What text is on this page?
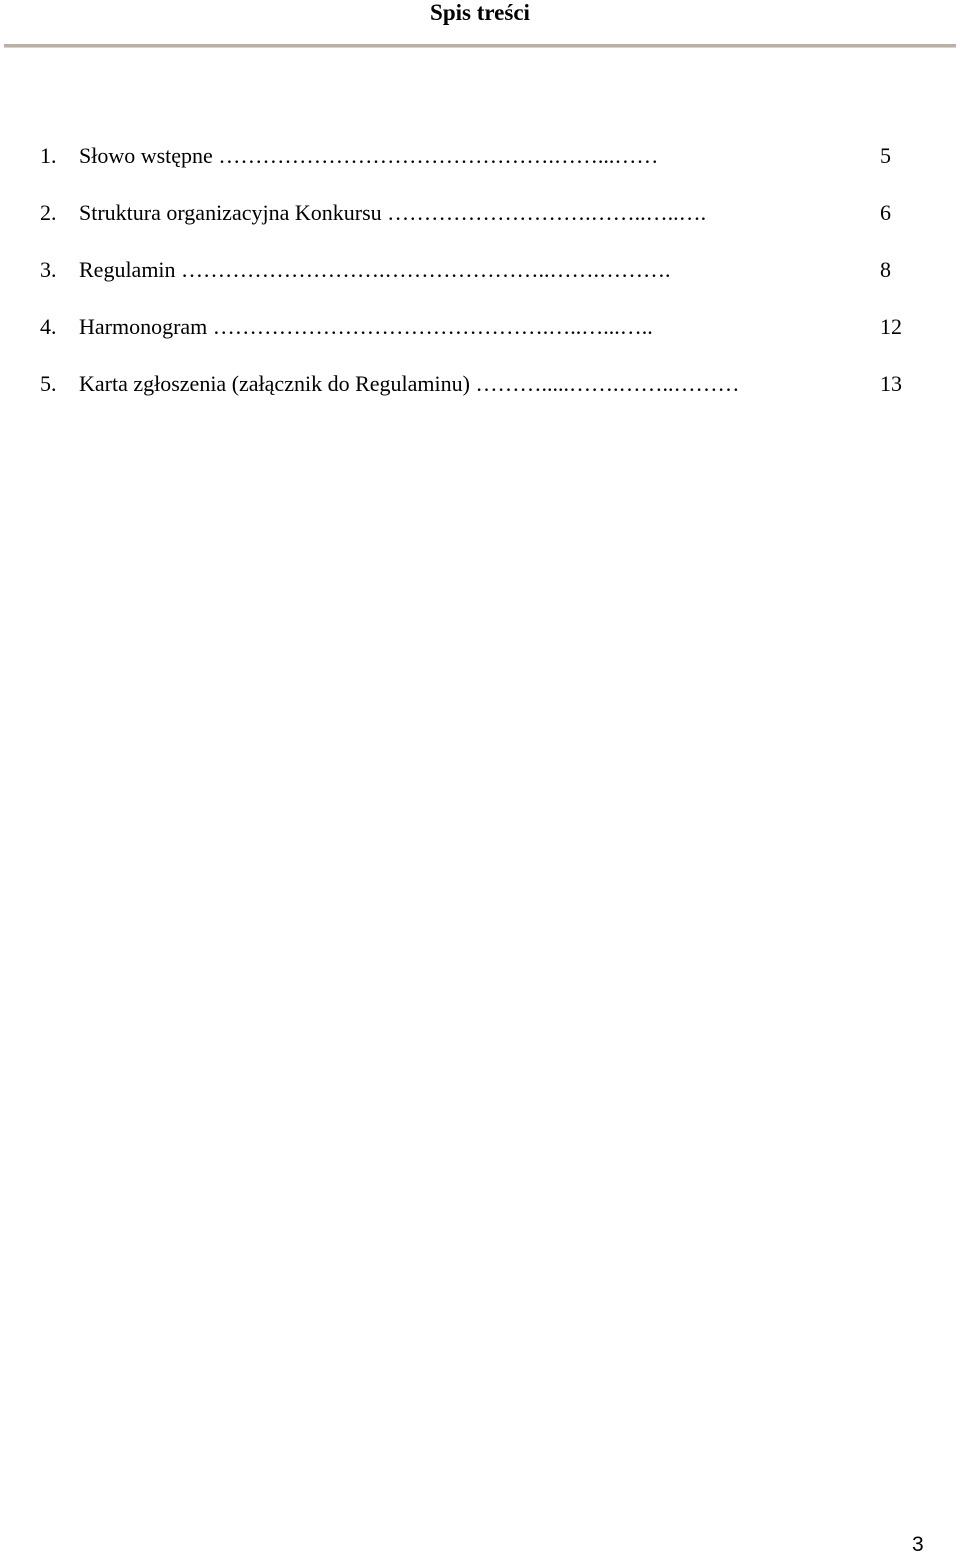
Spis treści
1.	Słowo wstępne ……………………………………….……...……	5
2.	Struktura organizacyjna Konkursu ……………………….……..…..….	6
3.	Regulamin ……………………….…………………..…….……….	8
4.	Harmonogram ……………………………………….…..…...…..	12
5.	Karta zgłoszenia (załącznik do Regulaminu) ……….....…….……..………	13
3
